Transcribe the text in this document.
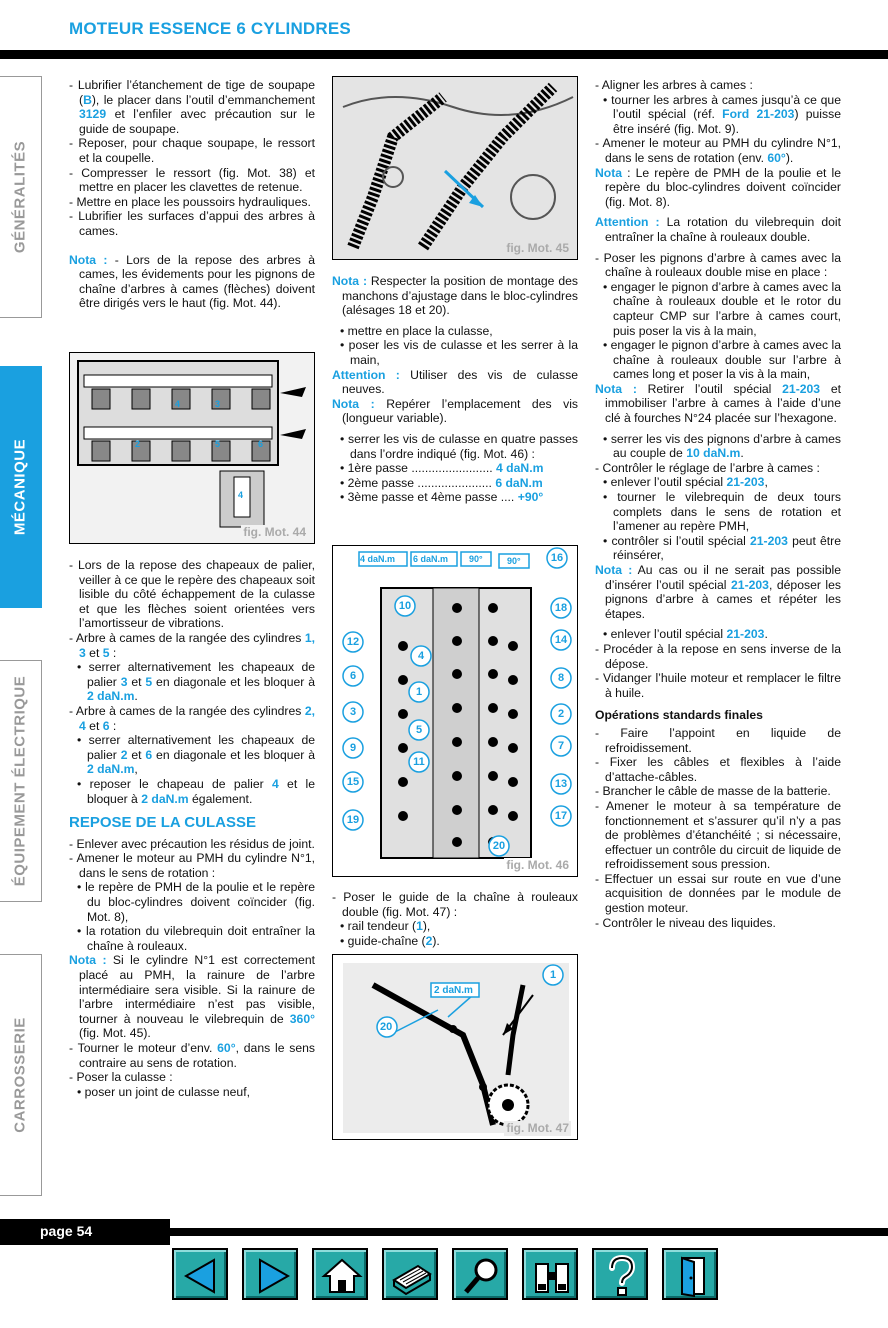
MOTEUR ESSENCE 6 CYLINDRES
GÉNÉRALITÉS
MÉCANIQUE
ÉQUIPEMENT ÉLECTRIQUE
CARROSSERIE

- Lubrifier l’étanchement de tige de soupape (B), le placer dans l’outil d’emmanchement 3129 et l’enfiler avec précaution sur le guide de soupape.

- Reposer, pour chaque soupape, le ressort et la coupelle.

- Compresser le ressort (fig. Mot. 38) et mettre en placer les clavettes de retenue.

- Mettre en place les poussoirs hydrauliques.

- Lubrifier les surfaces d’appui des arbres à cames.

Nota : - Lors de la repose des arbres à cames, les évidements pour les pignons de chaîne d’arbres à cames (flèches) doivent être dirigés vers le haut (fig. Mot. 44).

- Lors de la repose des chapeaux de palier, veiller à ce que le repère des chapeaux soit lisible du côté échappement de la culasse et que les flèches soient orientées vers l’amortisseur de vibrations.

- Arbre à cames de la rangée des cylindres 1, 3 et 5 :

• serrer alternativement les chapeaux de palier 3 et 5 en diagonale et les bloquer à 2 daN.m.

- Arbre à cames de la rangée des cylindres 2, 4 et 6 :

• serrer alternativement les chapeaux de palier 2 et 6 en diagonale et les bloquer à 2 daN.m,

• reposer le chapeau de palier 4 et le bloquer à 2 daN.m également.

REPOSE DE LA CULASSE

- Enlever avec précaution les résidus de joint.

- Amener le moteur au PMH du cylindre N°1, dans le sens de rotation :

• le repère de PMH de la poulie et le repère du bloc-cylindres doivent coïncider (fig. Mot. 8),

• la rotation du vilebrequin doit entraîner la chaîne à rouleaux.

Nota : Si le cylindre N°1 est correctement placé au PMH, la rainure de l’arbre intermédiaire sera visible. Si la rainure de l’arbre intermédiaire n’est pas visible, tourner à nouveau le vilebrequin de 360° (fig. Mot. 45).

- Tourner le moteur d’env. 60°, dans le sens contraire au sens de rotation.

- Poser la culasse :

• poser un joint de culasse neuf,

3
2	5	6
4
4
fig. Mot. 44
fig. Mot. 45

Nota : Respecter la position de montage des manchons d’ajustage dans le bloc-cylindres (alésages 18 et 20).

• mettre en place la culasse,

• poser les vis de culasse et les serrer à la main,

Attention : Utiliser des vis de culasse neuves.

Nota : Repérer l’emplacement des vis (longueur variable).

• serrer les vis de culasse en quatre passes dans l’ordre indiqué (fig. Mot. 46) :

• 1ère passe ........................ 4 daN.m

• 2ème passe ...................... 6 daN.m

• 3ème passe et 4ème passe .... +90°

4 daN.m 6 daN.m 90°	90°	16
10	18
12	14
4
6	8
1
3	2
5
9	7
11
15	13
20
19	17
fig. Mot. 46

- Poser le guide de la chaîne à rouleaux double (fig. Mot. 47) :

• rail tendeur (1),

• guide-chaîne (2).

2 daN.m
1
20
fig. Mot. 47

- Aligner les arbres à cames :

• tourner les arbres à cames jusqu’à ce que l’outil spécial (réf. Ford 21-203) puisse être inséré (fig. Mot. 9).

- Amener le moteur au PMH du cylindre N°1, dans le sens de rotation (env. 60°).

Nota : Le repère de PMH de la poulie et le repère du bloc-cylindres doivent coïncider (fig. Mot. 8).

Attention : La rotation du vilebrequin doit entraîner la chaîne à rouleaux double.

- Poser les pignons d’arbre à cames avec la chaîne à rouleaux double mise en place :

• engager le pignon d’arbre à cames avec la chaîne à rouleaux double et le rotor du capteur CMP sur l’arbre à cames court, puis poser la vis à la main,

• engager le pignon d’arbre à cames avec la chaîne à rouleaux double sur l’arbre à cames long et poser la vis à la main,

Nota : Retirer l’outil spécial 21-203 et immobiliser l’arbre à cames à l’aide d’une clé à fourches N°24 placée sur l’hexagone.

• serrer les vis des pignons d’arbre à cames au couple de 10 daN.m.

- Contrôler le réglage de l’arbre à cames :

• enlever l’outil spécial 21-203,

• tourner le vilebrequin de deux tours complets dans le sens de rotation et l’amener au repère PMH,

• contrôler si l’outil spécial 21-203 peut être réinsérer,

Nota : Au cas ou il ne serait pas possible d’insérer l’outil spécial 21-203, déposer les pignons d’arbre à cames et répéter les étapes.

• enlever l’outil spécial 21-203.

- Procéder à la repose en sens inverse de la dépose.

- Vidanger l’huile moteur et remplacer le filtre à huile.

Opérations standards finales

- Faire l’appoint en liquide de refroidissement.

- Fixer les câbles et flexibles à l’aide d’attache-câbles.

- Brancher le câble de masse de la batterie.

- Amener le moteur à sa température de fonctionnement et s’assurer qu’il n’y a pas de problèmes d’étanchéité ; si nécessaire, effectuer un contrôle du circuit de liquide de refroidissement sous pression.

- Effectuer un essai sur route en vue d’une acquisition de données par le module de gestion moteur.

- Contrôler le niveau des liquides.

page 54
